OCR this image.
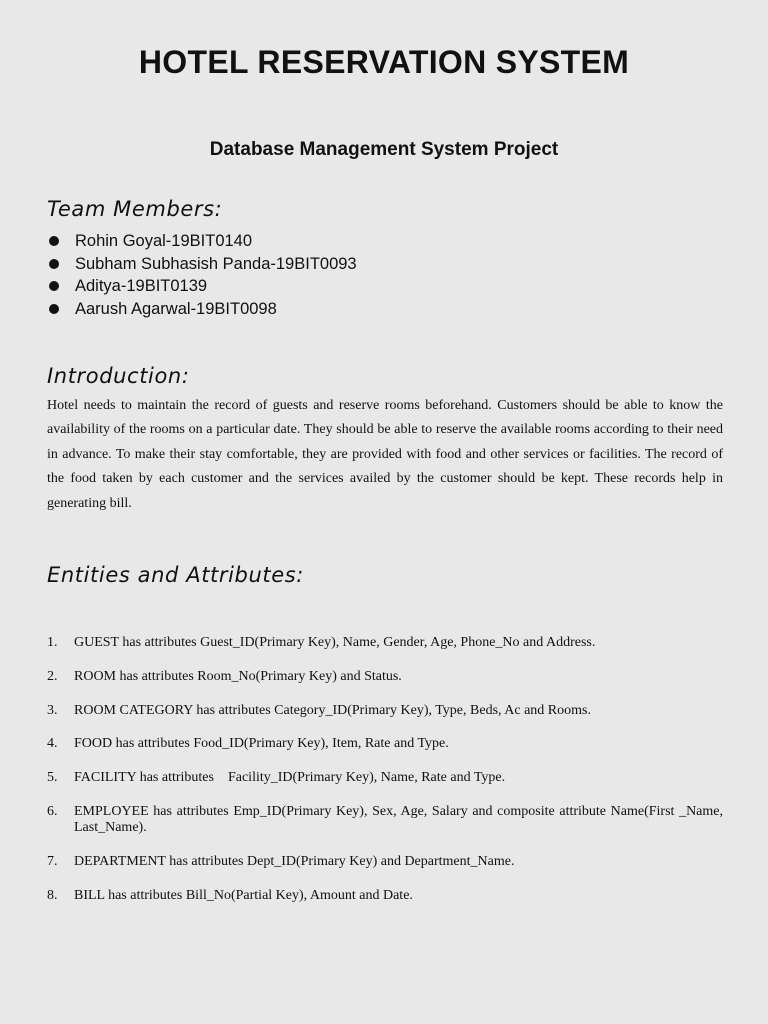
HOTEL RESERVATION SYSTEM
Database Management System Project
Team Members:
Rohin Goyal-19BIT0140
Subham Subhasish Panda-19BIT0093
Aditya-19BIT0139
Aarush Agarwal-19BIT0098
Introduction:

Hotel needs to maintain the record of guests and reserve rooms beforehand. Customers should be able to know the availability of the rooms on a particular date. They should be able to reserve the available rooms according to their need in advance. To make their stay comfortable, they are provided with food and other services or facilities. The record of the food taken by each customer and the services availed by the customer should be kept. These records help in generating bill.

Entities and Attributes:
1. GUEST has attributes Guest_ID(Primary Key), Name, Gender, Age, Phone_No and Address.
2. ROOM has attributes Room_No(Primary Key) and Status.
3. ROOM CATEGORY has attributes Category_ID(Primary Key), Type, Beds, Ac and Rooms.
4. FOOD has attributes Food_ID(Primary Key), Item, Rate and Type.
5. FACILITY has attributes    Facility_ID(Primary Key), Name, Rate and Type.
6. EMPLOYEE has attributes Emp_ID(Primary Key), Sex, Age, Salary and composite attribute Name(First _Name, Last_Name).
7. DEPARTMENT has attributes Dept_ID(Primary Key) and Department_Name.
8. BILL has attributes Bill_No(Partial Key), Amount and Date.
